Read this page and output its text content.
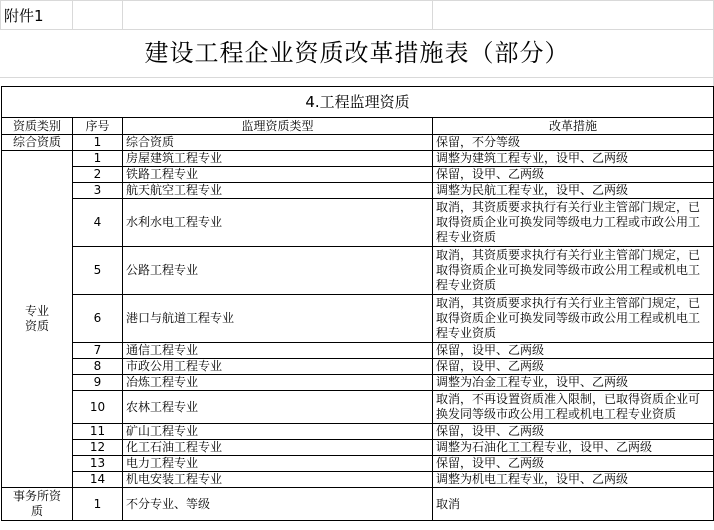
附件1
建设工程企业资质改革措施表（部分）
4.工程监理资质			
资质类别	序号	监理资质类型	改革措施
综合资质	1	综合资质	保留，不分等级
专业资质	1	房屋建筑工程专业	调整为建筑工程专业，设甲、乙两级
	2	铁路工程专业	保留，设甲、乙两级
	3	航天航空工程专业	调整为民航工程专业，设甲、乙两级
	4	水利水电工程专业	取消，其资质要求执行有关行业主管部门规定，已取得资质企业可换发同等级电力工程或市政公用工程专业资质
	5	公路工程专业	取消，其资质要求执行有关行业主管部门规定，已取得资质企业可换发同等级市政公用工程或机电工程专业资质
	6	港口与航道工程专业	取消，其资质要求执行有关行业主管部门规定，已取得资质企业可换发同等级市政公用工程或机电工程专业资质
	7	通信工程专业	保留，设甲、乙两级
	8	市政公用工程专业	保留，设甲、乙两级
	9	冶炼工程专业	调整为冶金工程专业，设甲、乙两级
	10	农林工程专业	取消，不再设置资质准入限制，已取得资质企业可换发同等级市政公用工程或机电工程专业资质
	11	矿山工程专业	保留，设甲、乙两级
	12	化工石油工程专业	调整为石油化工工程专业，设甲、乙两级
	13	电力工程专业	保留，设甲、乙两级
	14	机电安装工程专业	调整为机电工程专业，设甲、乙两级
事务所资质	1	不分专业、等级	取消
